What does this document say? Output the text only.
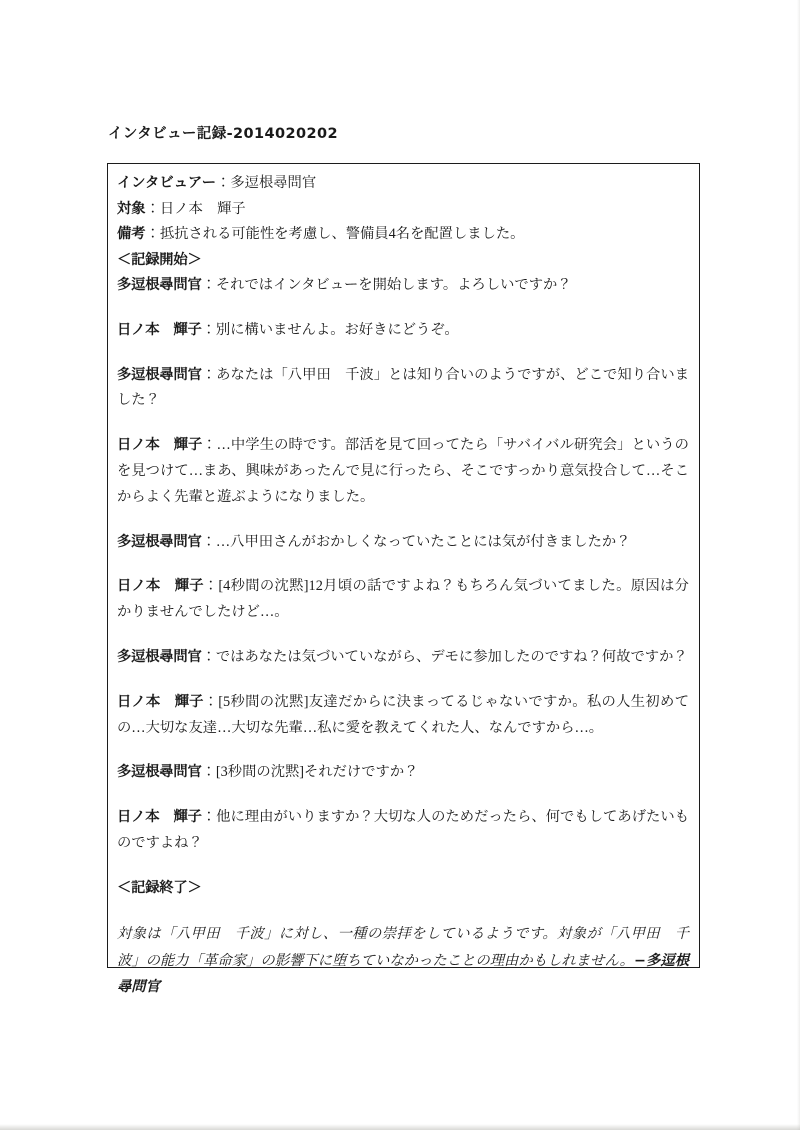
インタビュー記録-2014020202
インタビュアー：多逗根尋問官
対象：日ノ本　輝子
備考：抵抗される可能性を考慮し、警備員4名を配置しました。
＜記録開始＞
多逗根尋問官：それではインタビューを開始します。よろしいですか？
日ノ本　輝子：別に構いませんよ。お好きにどうぞ。
多逗根尋問官：あなたは「八甲田　千波」とは知り合いのようですが、どこで知り合いました？
日ノ本　輝子：…中学生の時です。部活を見て回ってたら「サバイバル研究会」というのを見つけて…まあ、興味があったんで見に行ったら、そこですっかり意気投合して…そこからよく先輩と遊ぶようになりました。
多逗根尋問官：…八甲田さんがおかしくなっていたことには気が付きましたか？
日ノ本　輝子：[4秒間の沈黙]12月頃の話ですよね？もちろん気づいてました。原因は分かりませんでしたけど…。
多逗根尋問官：ではあなたは気づいていながら、デモに参加したのですね？何故ですか？
日ノ本　輝子：[5秒間の沈黙]友達だからに決まってるじゃないですか。私の人生初めての…大切な友達…大切な先輩…私に愛を教えてくれた人、なんですから…。
多逗根尋問官：[3秒間の沈黙]それだけですか？
日ノ本　輝子：他に理由がいりますか？大切な人のためだったら、何でもしてあげたいものですよね？
＜記録終了＞
対象は「八甲田　千波」に対し、一種の崇拝をしているようです。対象が「八甲田　千波」の能力「革命家」の影響下に堕ちていなかったことの理由かもしれません。−多逗根尋問官
